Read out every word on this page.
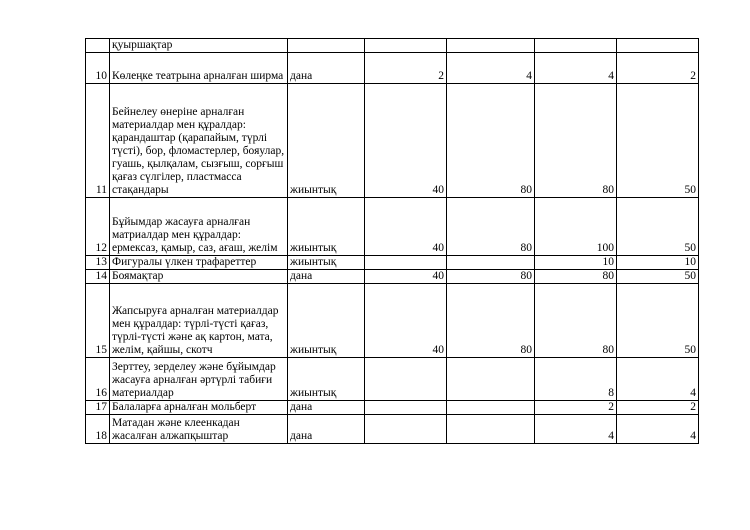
	қуыршақтар					
10	Көлеңке театрына арналған ширма	дана	2	4	4	2
11	Бейнелеу өнеріне арналған материалдар мен құралдар: қарандаштар (қарапайым, түрлі түсті), бор, фломастерлер, бояулар, гуашь, қылқалам, сызғыш, сорғыш қағаз сүлгілер, пластмасса стақандары	жиынтық	40	80	80	50
12	Бұйымдар жасауға арналған матриалдар мен құралдар: ермексаз, қамыр, саз, ағаш, желім	жиынтық	40	80	100	50
13	Фигуралы үлкен трафареттер	жиынтық			10	10
14	Боямақтар	дана	40	80	80	50
15	Жапсыруға арналған материалдар мен құралдар: түрлі-түсті қағаз, түрлі-түсті және ақ картон, мата, желім, қайшы, скотч	жиынтық	40	80	80	50
16	Зерттеу, зерделеу және бұйымдар жасауға арналған әртүрлі табиғи материалдар	жиынтық			8	4
17	Балаларға арналған мольберт	дана			2	2
18	Матадан және клеенкадан жасалған алжапқыштар	дана			4	4
